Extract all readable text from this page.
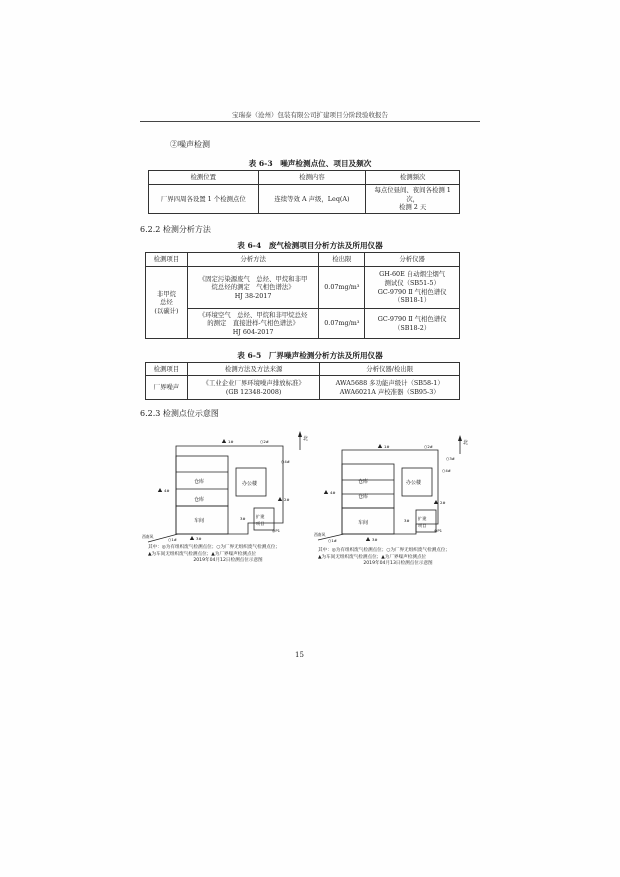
宝瑞泰（沧州）包装有限公司扩建项目分阶段验收报告
②噪声检测
表 6-3　噪声检测点位、项目及频次
检测位置	检测内容	检测频次
厂界四周各设置 1 个检测点位	连续等效 A 声级，Leq(A)	每点位昼间、夜间各检测 1 次，
检测 2 天
6.2.2 检测分析方法
表 6-4　废气检测项目分析方法及所用仪器
检测项目	分析方法	检出限	分析仪器

非甲烷
总烃
(以碳计)	《固定污染源废气　总烃、甲烷和非甲
烷总烃的测定　气相色谱法》
HJ 38-2017	0.07mg/m³	GH-60E 自动烟尘烟气
测试仪（SB51-5）
GC-9790 Ⅱ 气相色谱仪
（SB18-1）

	《环境空气　总烃、甲烷和非甲烷总烃
的测定　直接进样-气相色谱法》
HJ 604-2017	0.07mg/m³	GC-9790 Ⅱ 气相色谱仪
（SB18-2）
表 6-5　厂界噪声检测分析方法及所用仪器
检测项目	检测方法及方法来源	分析仪器/检出限
厂界噪声	《工业企业厂界环境噪声排放标准》
(GB 12348-2008)	AWA5688 多功能声级计（SB58-1）
AWA6021A 声校准器（SB95-3）
6.2.3 检测点位示意图
北
仓库
仓库
车间
办公楼
扩建
项目
西南风
1#
2#
3#
4#
○2#
○4#
○1#
3#
◎P1
其中：◎为有组织废气检测点位；○为厂界无组织废气检测点位；
▲为车间无组织废气检测点位；▲为厂界噪声检测点位
2019年04月12日检测点位示意图
北
仓库
仓库
车间
办公楼
扩建
项目
西南风
1#
2#
3#
4#
○2#
○3#
○4#
○1#
3#
◎P1
其中：◎为有组织废气检测点位；○为厂界无组织废气检测点位；
▲为车间无组织废气检测点位；▲为厂界噪声检测点位
2019年04月13日检测点位示意图
15
